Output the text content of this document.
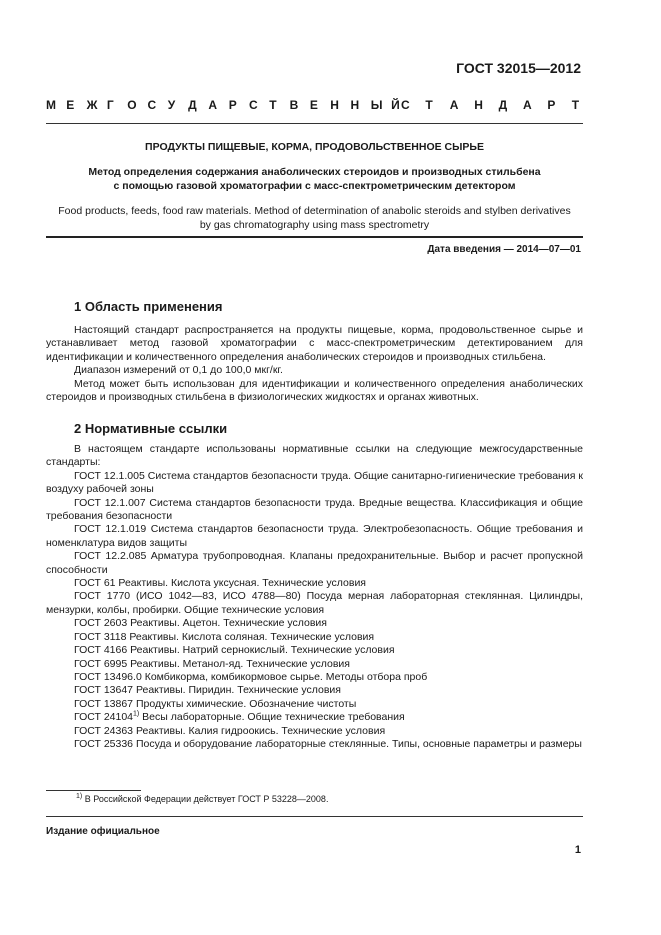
ГОСТ 32015—2012
М Е Ж Г О С У Д А Р С Т В Е Н Н Ы Й С Т А Н Д А Р Т
ПРОДУКТЫ ПИЩЕВЫЕ, КОРМА, ПРОДОВОЛЬСТВЕННОЕ СЫРЬЕ
Метод определения содержания анаболических стероидов и производных стильбена
с помощью газовой хроматографии с масс-спектрометрическим детектором
Food products, feeds, food raw materials. Method of determination of anabolic steroids and stylben derivatives
by gas chromatography using mass spectrometry
Дата введения — 2014—07—01
1 Область применения

Настоящий стандарт распространяется на продукты пищевые, корма, продовольственное сырье и устанавливает метод газовой хроматографии с масс-спектрометрическим детектированием для идентификации и количественного определения анаболических стероидов и производных стильбена.

Диапазон измерений от 0,1 до 100,0 мкг/кг.

Метод может быть использован для идентификации и количественного определения анаболических стероидов и производных стильбена в физиологических жидкостях и органах животных.

2 Нормативные ссылки

В настоящем стандарте использованы нормативные ссылки на следующие межгосударственные стандарты:

ГОСТ 12.1.005 Система стандартов безопасности труда. Общие санитарно-гигиенические требования к воздуху рабочей зоны

ГОСТ 12.1.007 Система стандартов безопасности труда. Вредные вещества. Классификация и общие требования безопасности

ГОСТ 12.1.019 Система стандартов безопасности труда. Электробезопасность. Общие требования и номенклатура видов защиты

ГОСТ 12.2.085 Арматура трубопроводная. Клапаны предохранительные. Выбор и расчет пропускной способности

ГОСТ 61 Реактивы. Кислота уксусная. Технические условия

ГОСТ 1770 (ИСО 1042—83, ИСО 4788—80) Посуда мерная лабораторная стеклянная. Цилиндры, мензурки, колбы, пробирки. Общие технические условия

ГОСТ 2603 Реактивы. Ацетон. Технические условия

ГОСТ 3118 Реактивы. Кислота соляная. Технические условия

ГОСТ 4166 Реактивы. Натрий сернокислый. Технические условия

ГОСТ 6995 Реактивы. Метанол-яд. Технические условия

ГОСТ 13496.0 Комбикорма, комбикормовое сырье. Методы отбора проб

ГОСТ 13647 Реактивы. Пиридин. Технические условия

ГОСТ 13867 Продукты химические. Обозначение чистоты

ГОСТ 24104$^{1)}$ Весы лабораторные. Общие технические требования

ГОСТ 24363 Реактивы. Калия гидроокись. Технические условия

ГОСТ 25336 Посуда и оборудование лабораторные стеклянные. Типы, основные параметры и размеры

$^{1)}$ В Российской Федерации действует ГОСТ Р 53228—2008.
Издание официальное
1
